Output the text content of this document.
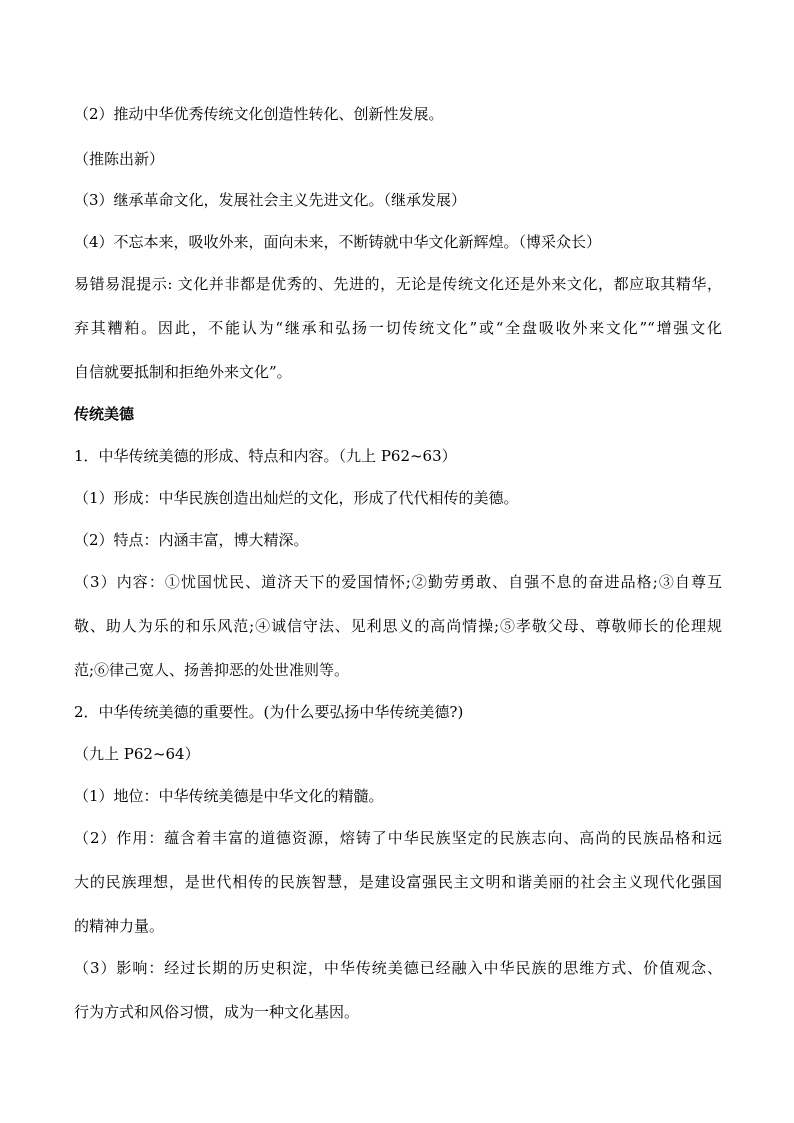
（2）推动中华优秀传统文化创造性转化、创新性发展。
（推陈出新）
（3）继承革命文化，发展社会主义先进文化。（继承发展）
（4）不忘本来，吸收外来，面向未来，不断铸就中华文化新辉煌。（博采众长）
易错易混提示: 文化并非都是优秀的、先进的，无论是传统文化还是外来文化，都应取其精华，
弃其糟粕。因此，不能认为“继承和弘扬一切传统文化”或“全盘吸收外来文化”“增强文化
自信就要抵制和拒绝外来文化”。
传统美德
1．中华传统美德的形成、特点和内容。（九上 P62~63）
（1）形成：中华民族创造出灿烂的文化，形成了代代相传的美德。
（2）特点：内涵丰富，博大精深。
（3）内容：①忧国忧民、道济天下的爱国情怀;②勤劳勇敢、自强不息的奋进品格;③自尊互
敬、助人为乐的和乐风范;④诚信守法、见利思义的高尚情操;⑤孝敬父母、尊敬师长的伦理规
范;⑥律己宽人、扬善抑恶的处世准则等。
2．中华传统美德的重要性。(为什么要弘扬中华传统美德?)
（九上 P62~64）
（1）地位：中华传统美德是中华文化的精髓。
（2）作用：蕴含着丰富的道德资源，熔铸了中华民族坚定的民族志向、高尚的民族品格和远
大的民族理想，是世代相传的民族智慧，是建设富强民主文明和谐美丽的社会主义现代化强国
的精神力量。
（3）影响：经过长期的历史积淀，中华传统美德已经融入中华民族的思维方式、价值观念、
行为方式和风俗习惯，成为一种文化基因。
